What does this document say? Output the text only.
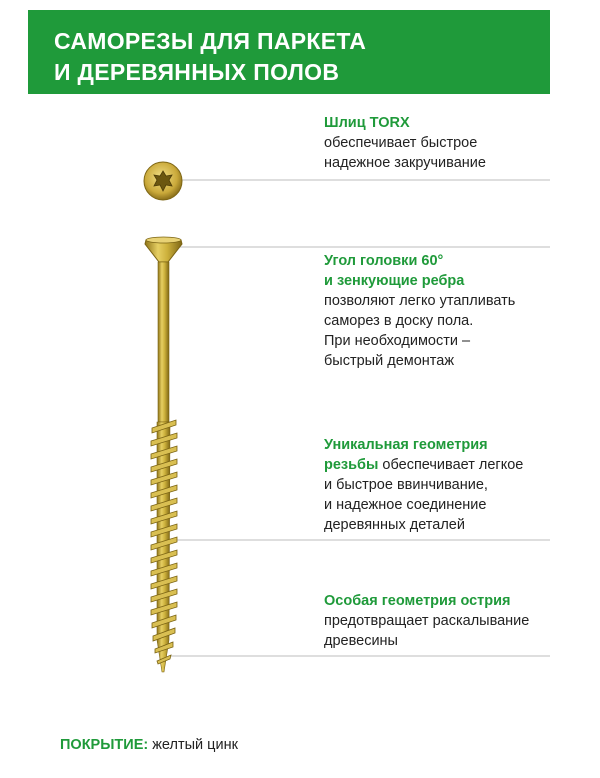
САМОРЕЗЫ ДЛЯ ПАРКЕТА
И ДЕРЕВЯННЫХ ПОЛОВ
Шлиц TORX
обеспечивает быстрое
надежное закручивание
Угол головки 60°
и зенкующие ребра
позволяют легко утапливать
саморез в доску пола.
При необходимости –
быстрый демонтаж
Уникальная геометрия
резьбы обеспечивает легкое
и быстрое ввинчивание,
и надежное соединение
деревянных деталей
Особая геометрия острия
предотвращает раскалывание
древесины
ПОКРЫТИЕ: желтый цинк
